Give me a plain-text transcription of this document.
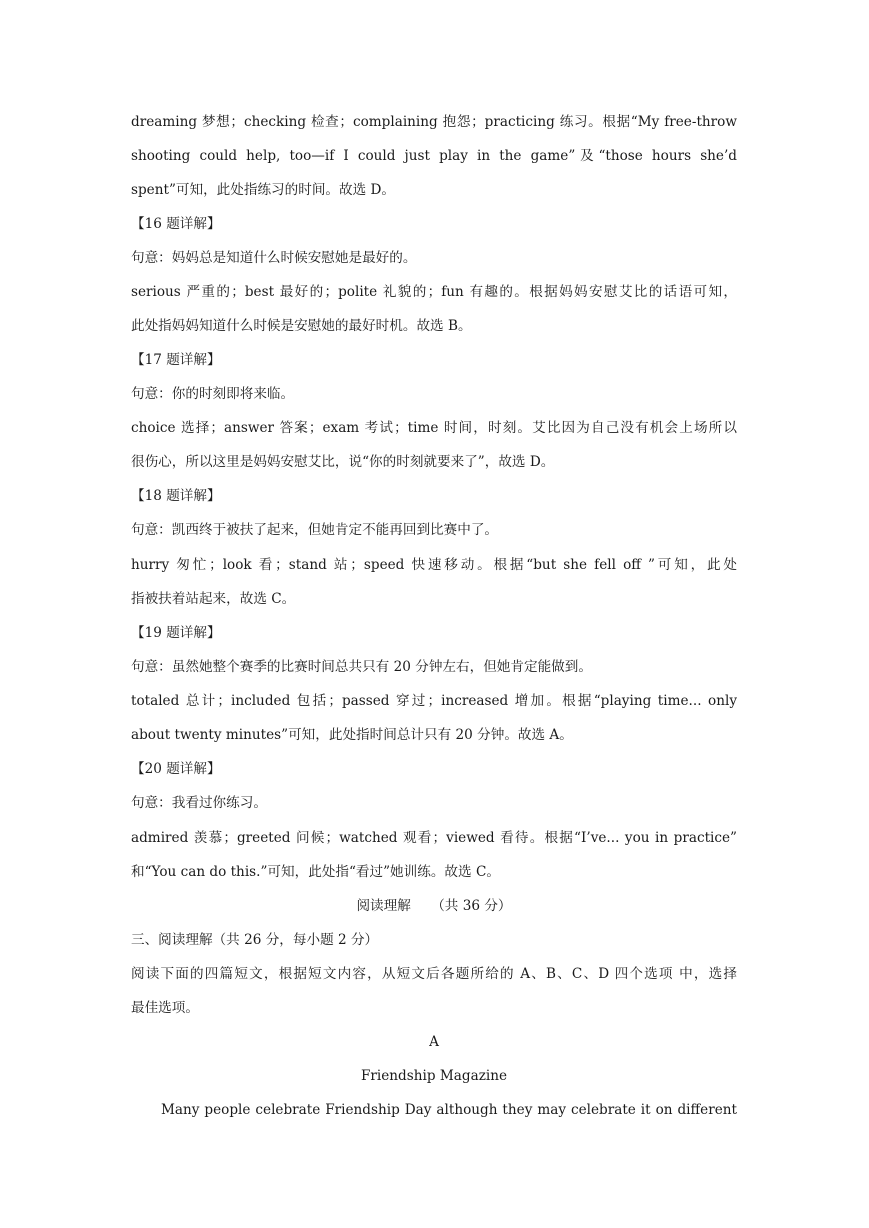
dreaming 梦想；checking 检查；complaining 抱怨；practicing 练习。根据“My free-throw
shooting could help, too—if I could just play in the game”及“those hours she’d
spent”可知，此处指练习的时间。故选 D。
【16 题详解】
句意：妈妈总是知道什么时候安慰她是最好的。
serious 严重的；best 最好的；polite 礼貌的；fun 有趣的。根据妈妈安慰艾比的话语可知，
此处指妈妈知道什么时候是安慰她的最好时机。故选 B。
【17 题详解】
句意：你的时刻即将来临。
choice 选择；answer 答案；exam 考试；time 时间，时刻。艾比因为自己没有机会上场所以
很伤心，所以这里是妈妈安慰艾比，说“你的时刻就要来了”，故选 D。
【18 题详解】
句意：凯西终于被扶了起来，但她肯定不能再回到比赛中了。
hurry 匆忙；look 看；stand 站；speed 快速移动。根据“but she fell off ”可知，此处
指被扶着站起来，故选 C。
【19 题详解】
句意：虽然她整个赛季的比赛时间总共只有 20 分钟左右，但她肯定能做到。
totaled 总计；included 包括；passed 穿过；increased 增加。根据“playing time... only
about twenty minutes”可知，此处指时间总计只有 20 分钟。故选 A。
【20 题详解】
句意：我看过你练习。
admired 羡慕；greeted 问候；watched 观看；viewed 看待。根据“I’ve... you in practice”
和“You can do this.”可知，此处指“看过”她训练。故选 C。
阅读理解　　（共 36 分）
三、阅读理解（共 26 分，每小题 2 分）
阅读下面的四篇短文，根据短文内容，从短文后各题所给的 A、B、C、D 四个选项 中，选择
最佳选项。
A
Friendship Magazine
Many people celebrate Friendship Day although they may celebrate it on different
